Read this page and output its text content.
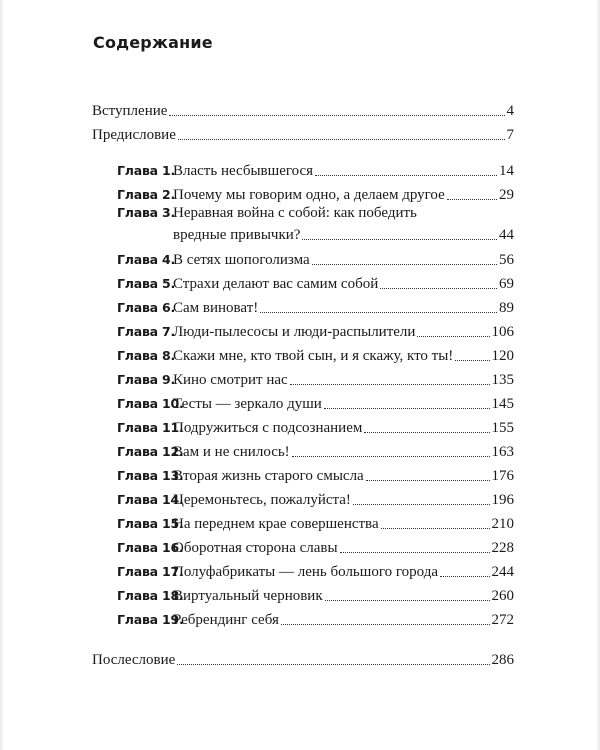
Содержание
Вступление	4
Предисловие	7
Глава 1.Власть несбывшегося	14
Глава 2.Почему мы говорим одно, а делаем другое	29
Глава 3.Неравная война с собой: как победить
вредные привычки?	44
Глава 4.В сетях шопоголизма	56
Глава 5.Страхи делают вас самим собой	69
Глава 6.Сам виноват!	89
Глава 7.Люди-пылесосы и люди-распылители	106
Глава 8.Скажи мне, кто твой сын, и я скажу, кто ты!	120
Глава 9.Кино смотрит нас	135
Глава 10.Тесты — зеркало души	145
Глава 11.Подружиться с подсознанием	155
Глава 12.Вам и не снилось!	163
Глава 13.Вторая жизнь старого смысла	176
Глава 14.Церемоньтесь, пожалуйста!	196
Глава 15.На переднем крае совершенства	210
Глава 16.Оборотная сторона славы	228
Глава 17.Полуфабрикаты — лень большого города	244
Глава 18.Виртуальный черновик	260
Глава 19.Ребрендинг себя	272
Послесловие	286
